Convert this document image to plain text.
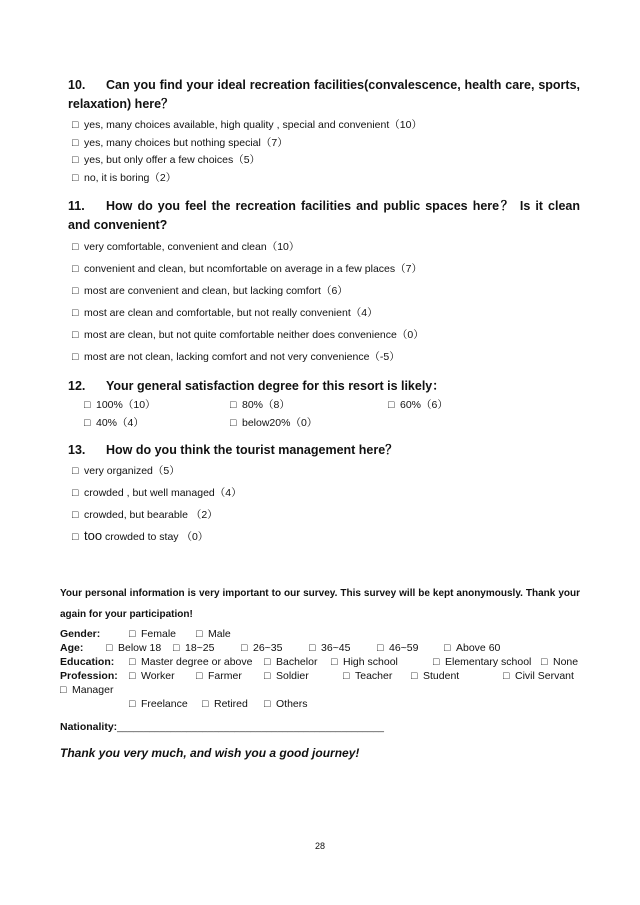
10. Can you find your ideal recreation facilities(convalescence, health care, sports, relaxation) here？
□ yes, many choices available, high quality , special and convenient（10）
□ yes, many choices but nothing special（7）
□ yes, but only offer a few choices（5）
□ no, it is boring（2）
11. How do you feel the recreation facilities and public spaces here？ Is it clean and convenient?
□ very comfortable, convenient and clean（10）
□ convenient and clean, but ncomfortable on average in a few places（7）
□ most are convenient and clean, but lacking comfort（6）
□ most are clean and comfortable, but not really convenient（4）
□ most are clean, but not quite comfortable neither does convenience（0）
□ most are not clean, lacking comfort and not very convenience（-5）
12. Your general satisfaction degree for this resort is likely：
□ 100%（10）	□ 80%（8）	□ 60%（6）
□ 40%（4）	□ below20%（0）
13. How do you think the tourist management here？
□ very organized（5）
□ crowded , but well managed（4）
□ crowded, but bearable （2）
□ too crowded to stay （0）
Your personal information is very important to our survey. This survey will be kept anonymously. Thank your again for your participation!
Gender:	□ Female □ Male
Age: □ Below 18 □ 18~25	□ 26~35	□ 36~45	□ 46~59 □ Above 60
Education: □ Master degree or above □ Bachelor □ High school	□ Elementary school □ None
Profession: □ Worker □ Farmer □ Soldier	□ Teacher □ Student	□ Civil Servant
□ Manager
□ Freelance □ Retired □ Others
Nationality:__________________________________________________
Thank you very much, and wish you a good journey!
28
